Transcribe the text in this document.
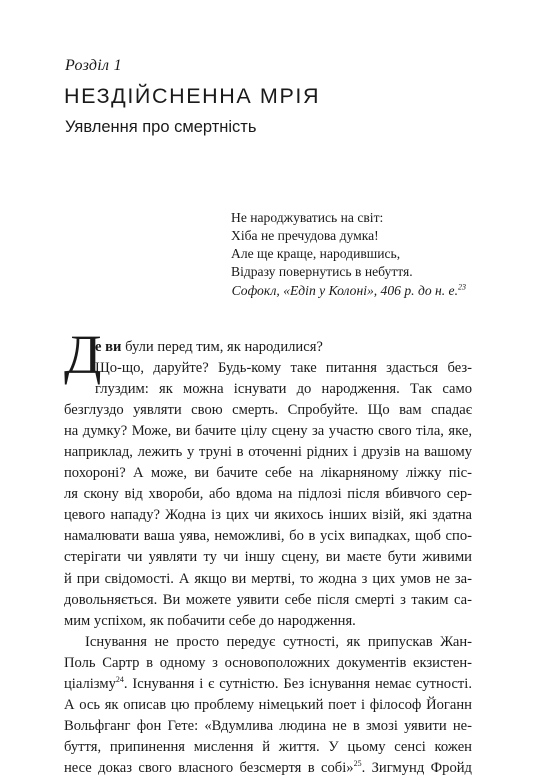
Розділ 1
НЕЗДІЙСНЕННА МРІЯ
Уявлення про смертність
Не народжуватись на світ:
Хіба не пречудова думка!
Але ще краще, народившись,
Відразу повернутись в небуття.
Софокл, «Едіп у Колоні», 406 р. до н. е.$^{23}$
Д
е ви були перед тим, як народилися?
Що-що, даруйте? Будь-кому таке питання здасться без-
глуздим: як можна існувати до народження. Так само
безглуздо уявляти свою смерть. Спробуйте. Що вам спадає
на думку? Може, ви бачите цілу сцену за участю свого тіла, яке,
наприклад, лежить у труні в оточенні рідних і друзів на вашому
похороні? А може, ви бачите себе на лікарняному ліжку піс-
ля скону від хвороби, або вдома на підлозі після вбивчого сер-
цевого нападу? Жодна із цих чи якихось інших візій, які здатна
намалювати ваша уява, неможливі, бо в усіх випадках, щоб спо-
стерігати чи уявляти ту чи іншу сцену, ви маєте бути живими
й при свідомості. А якщо ви мертві, то жодна з цих умов не за-
довольняється. Ви можете уявити себе після смерті з таким са-
мим успіхом, як побачити себе до народження.
Існування не просто передує сутності, як припускав Жан-
Поль Сартр в одному з основоположних документів екзистен-
ціалізму$^{24}$. Існування і є сутністю. Без існування немає сутності.
А ось як описав цю проблему німецький поет і філософ Йоганн
Вольфганг фон Гете: «Вдумлива людина не в змозі уявити не-
буття, припинення мислення й життя. У цьому сенсі кожен
несе доказ свого власного безсмертя в собі»$^{25}$. Зигмунд Фройд
